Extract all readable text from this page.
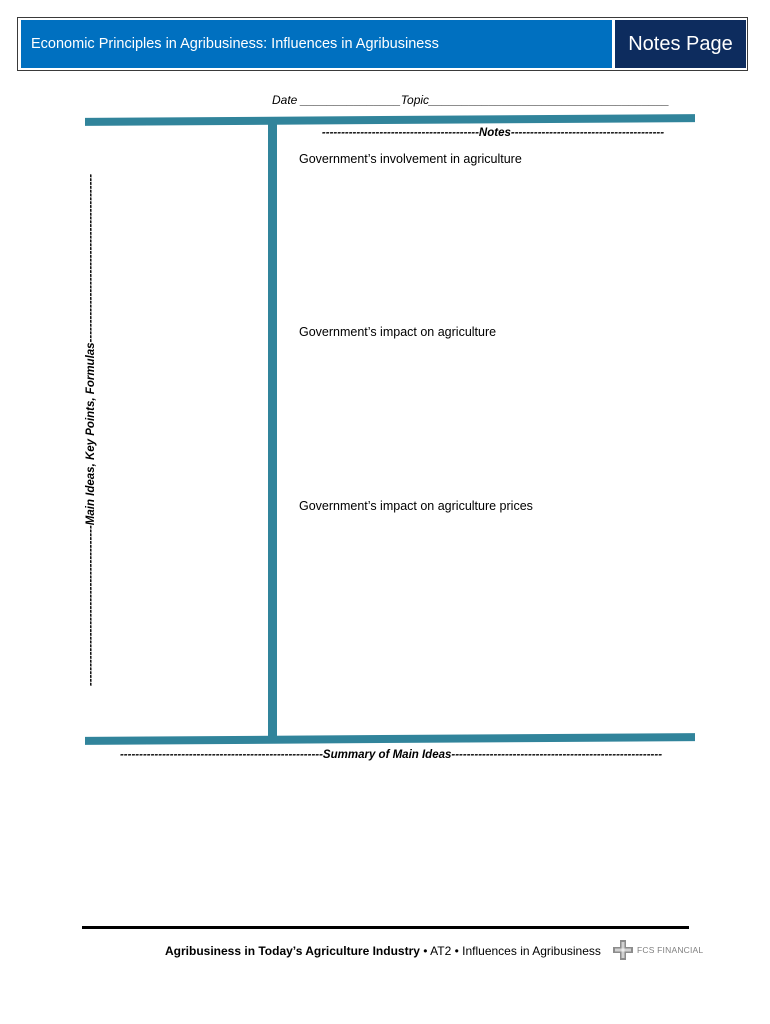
Economic Principles in Agribusiness: Influences in Agribusiness	Notes Page
Date _______________Topic____________________________________
-----------------------------------------Notes----------------------------------------
Government’s involvement in agriculture
Government’s impact on agriculture
Government’s impact on agriculture prices
------------------------------------------Main Ideas, Key Points, Formulas--------------------------------------------
-----------------------------------------------------Summary of Main Ideas-------------------------------------------------------
Agribusiness in Today’s Agriculture Industry • AT2 • Influences in Agribusiness	FCS FINANCIAL
